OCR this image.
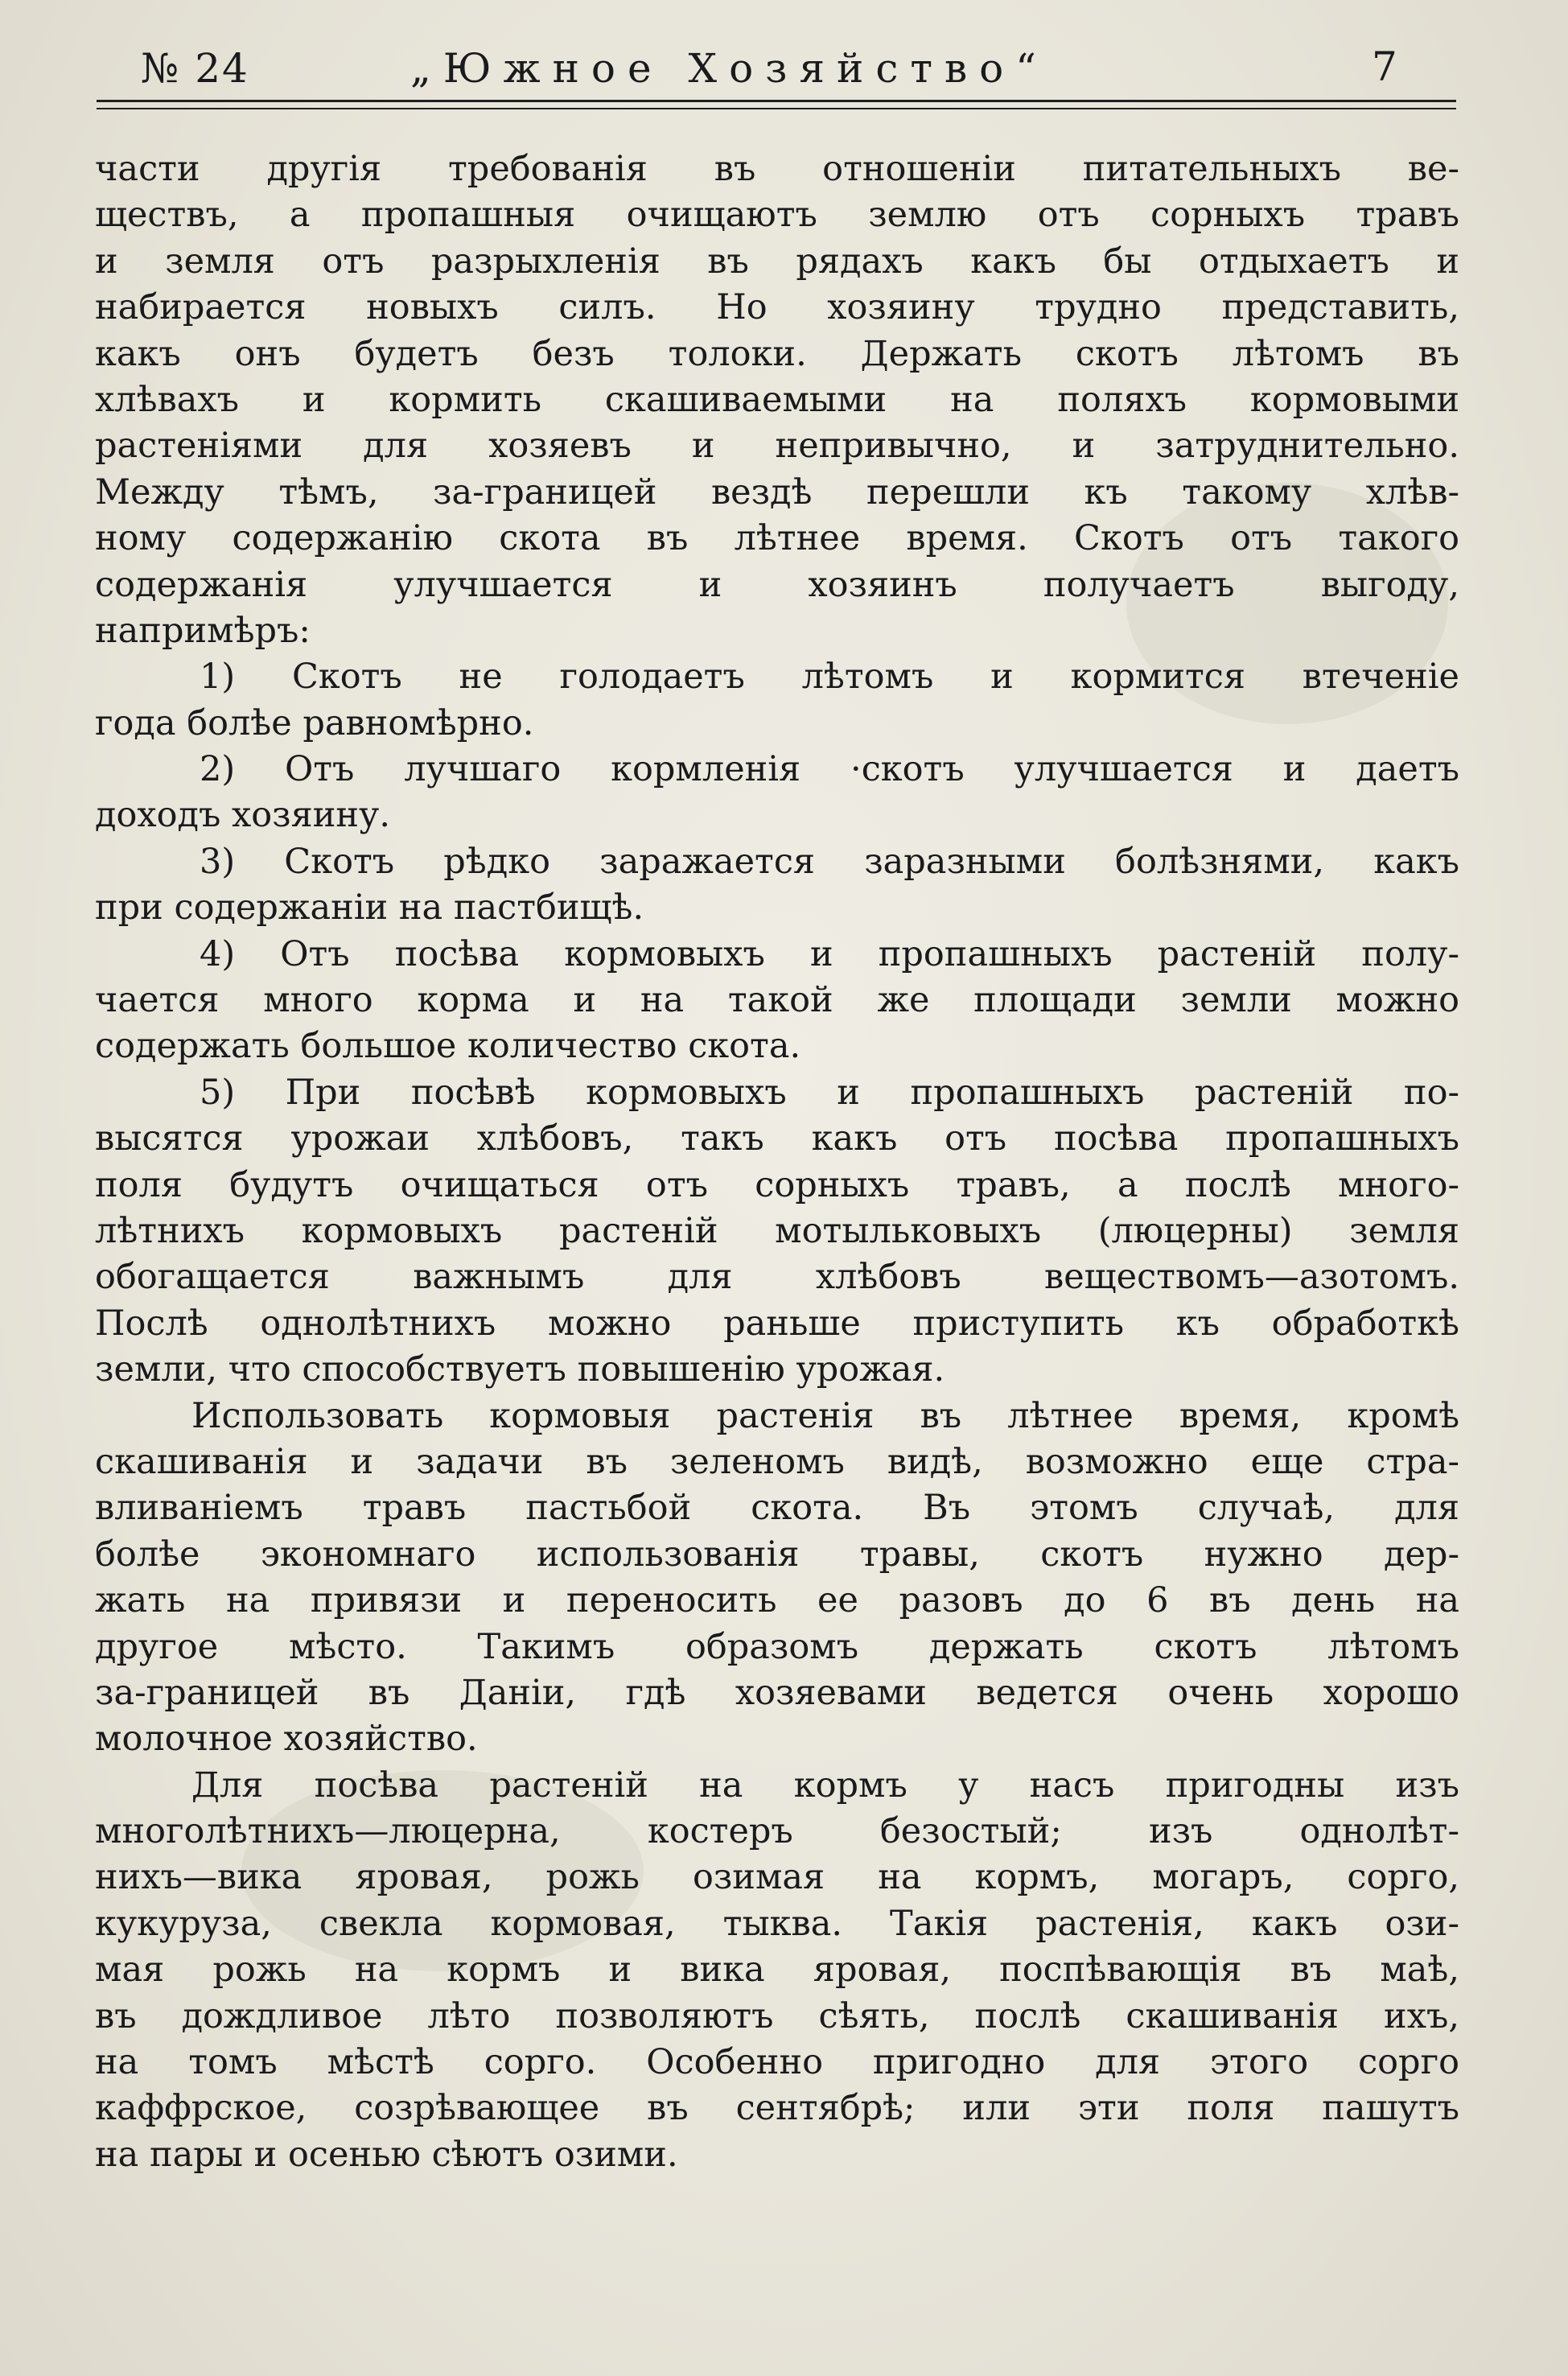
№ 24	„Южное Хозяйство“	7
части другія требованія въ отношеніи питательныхъ ве-
ществъ, а пропашныя очищаютъ землю отъ сорныхъ травъ
и земля отъ разрыхленія въ рядахъ какъ бы отдыхаетъ и
набирается новыхъ силъ. Но хозяину трудно представить,
какъ онъ будетъ безъ толоки. Держать скотъ лѣтомъ въ
хлѣвахъ и кормить скашиваемыми на поляхъ кормовыми
растеніями для хозяевъ и непривычно, и затруднительно.
Между тѣмъ, за-границей вездѣ перешли къ такому хлѣв-
ному содержанію скота въ лѣтнее время. Скотъ отъ такого
содержанія улучшается и хозяинъ получаетъ выгоду,
напримѣръ:
1) Скотъ не голодаетъ лѣтомъ и кормится втеченіе
года болѣе равномѣрно.
2) Отъ лучшаго кормленія ·скотъ улучшается и даетъ
доходъ хозяину.
3) Скотъ рѣдко заражается заразными болѣзнями, какъ
при содержаніи на пастбищѣ.
4) Отъ посѣва кормовыхъ и пропашныхъ растеній полу-
чается много корма и на такой же площади земли можно
содержать большое количество скота.
5) При посѣвѣ кормовыхъ и пропашныхъ растеній по-
высятся урожаи хлѣбовъ, такъ какъ отъ посѣва пропашныхъ
поля будутъ очищаться отъ сорныхъ травъ, а послѣ много-
лѣтнихъ кормовыхъ растеній мотыльковыхъ (люцерны) земля
обогащается важнымъ для хлѣбовъ веществомъ—азотомъ.
Послѣ однолѣтнихъ можно раньше приступить къ обработкѣ
земли, что способствуетъ повышенію урожая.
Использовать кормовыя растенія въ лѣтнее время, кромѣ
скашиванія и задачи въ зеленомъ видѣ, возможно еще стра-
вливаніемъ травъ пастьбой скота. Въ этомъ случаѣ, для
болѣе экономнаго использованія травы, скотъ нужно дер-
жать на привязи и переносить ее разовъ до 6 въ день на
другое мѣсто. Такимъ образомъ держать скотъ лѣтомъ
за-границей въ Даніи, гдѣ хозяевами ведется очень хорошо
молочное хозяйство.
Для посѣва растеній на кормъ у насъ пригодны изъ
многолѣтнихъ—люцерна, костеръ безостый; изъ однолѣт-
нихъ—вика яровая, рожь озимая на кормъ, могаръ, сорго,
кукуруза, свекла кормовая, тыква. Такія растенія, какъ ози-
мая рожь на кормъ и вика яровая, поспѣвающія въ маѣ,
въ дождливое лѣто позволяютъ сѣять, послѣ скашиванія ихъ,
на томъ мѣстѣ сорго. Особенно пригодно для этого сорго
каффрское, созрѣвающее въ сентябрѣ; или эти поля пашутъ
на пары и осенью сѣютъ озими.
